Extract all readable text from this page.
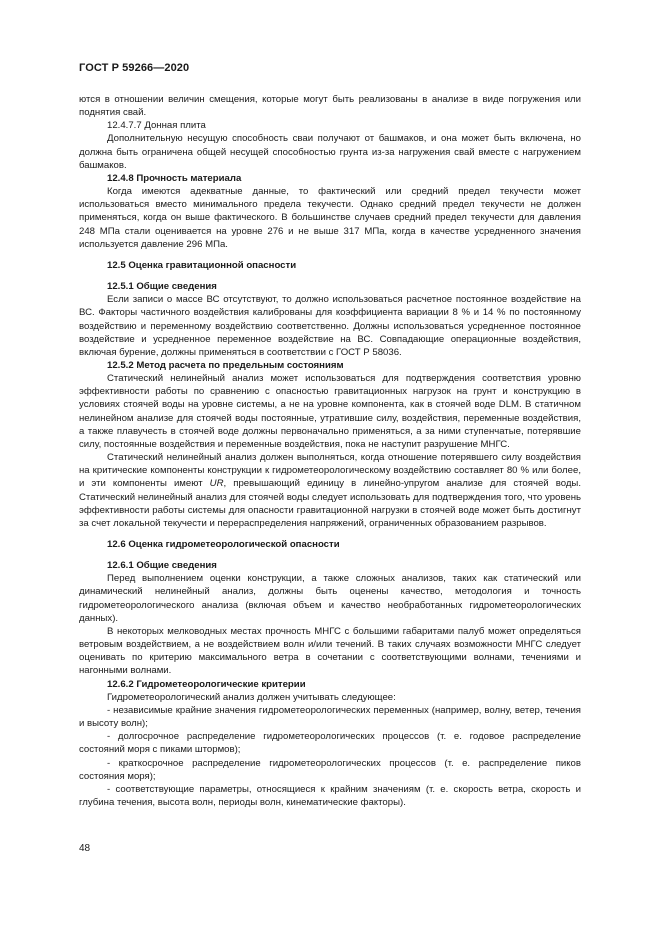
ГОСТ Р 59266—2020

ются в отношении величин смещения, которые могут быть реализованы в анализе в виде погружения или поднятия свай.

12.4.7.7 Донная плита

Дополнительную несущую способность сваи получают от башмаков, и она может быть включена, но должна быть ограничена общей несущей способностью грунта из-за нагружения свай вместе с нагружением башмаков.

12.4.8 Прочность материала

Когда имеются адекватные данные, то фактический или средний предел текучести может использоваться вместо минимального предела текучести. Однако средний предел текучести не должен применяться, когда он выше фактического. В большинстве случаев средний предел текучести для давления 248 МПа стали оценивается на уровне 276 и не выше 317 МПа, когда в качестве усредненного значения используется давление 296 МПа.

12.5 Оценка гравитационной опасности

12.5.1 Общие сведения

Если записи о массе ВС отсутствуют, то должно использоваться расчетное постоянное воздействие на ВС. Факторы частичного воздействия калиброваны для коэффициента вариации 8 % и 14 % по постоянному воздействию и переменному воздействию соответственно. Должны использоваться усредненное постоянное воздействие и усредненное переменное воздействие на ВС. Совпадающие операционные воздействия, включая бурение, должны применяться в соответствии с ГОСТ Р 58036.

12.5.2 Метод расчета по предельным состояниям

Статический нелинейный анализ может использоваться для подтверждения соответствия уровню эффективности работы по сравнению с опасностью гравитационных нагрузок на грунт и конструкцию в условиях стоячей воды на уровне системы, а не на уровне компонента, как в стоячей воде DLM. В статичном нелинейном анализе для стоячей воды постоянные, утратившие силу, воздействия, переменные воздействия, а также плавучесть в стоячей воде должны первоначально применяться, а за ними ступенчатые, потерявшие силу, постоянные воздействия и переменные воздействия, пока не наступит разрушение МНГС.

Статический нелинейный анализ должен выполняться, когда отношение потерявшего силу воздействия на критические компоненты конструкции к гидрометеорологическому воздействию составляет 80 % или более, и эти компоненты имеют UR, превышающий единицу в линейно-упругом анализе для стоячей воды. Статический нелинейный анализ для стоячей воды следует использовать для подтверждения того, что уровень эффективности работы системы для опасности гравитационной нагрузки в стоячей воде может быть достигнут за счет локальной текучести и перераспределения напряжений, ограниченных образованием разрывов.

12.6 Оценка гидрометеорологической опасности

12.6.1 Общие сведения

Перед выполнением оценки конструкции, а также сложных анализов, таких как статический или динамический нелинейный анализ, должны быть оценены качество, методология и точность гидрометеорологического анализа (включая объем и качество необработанных гидрометеорологических данных).

В некоторых мелководных местах прочность МНГС с большими габаритами палуб может определяться ветровым воздействием, а не воздействием волн и/или течений. В таких случаях возможности МНГС следует оценивать по критерию максимального ветра в сочетании с соответствующими волнами, течениями и нагонными волнами.

12.6.2 Гидрометеорологические критерии

Гидрометеорологический анализ должен учитывать следующее:

- независимые крайние значения гидрометеорологических переменных (например, волну, ветер, течения и высоту волн);

- долгосрочное распределение гидрометеорологических процессов (т. е. годовое распределение состояний моря с пиками штормов);

- краткосрочное распределение гидрометеорологических процессов (т. е. распределение пиков состояния моря);

- соответствующие параметры, относящиеся к крайним значениям (т. е. скорость ветра, скорость и глубина течения, высота волн, периоды волн, кинематические факторы).

48
